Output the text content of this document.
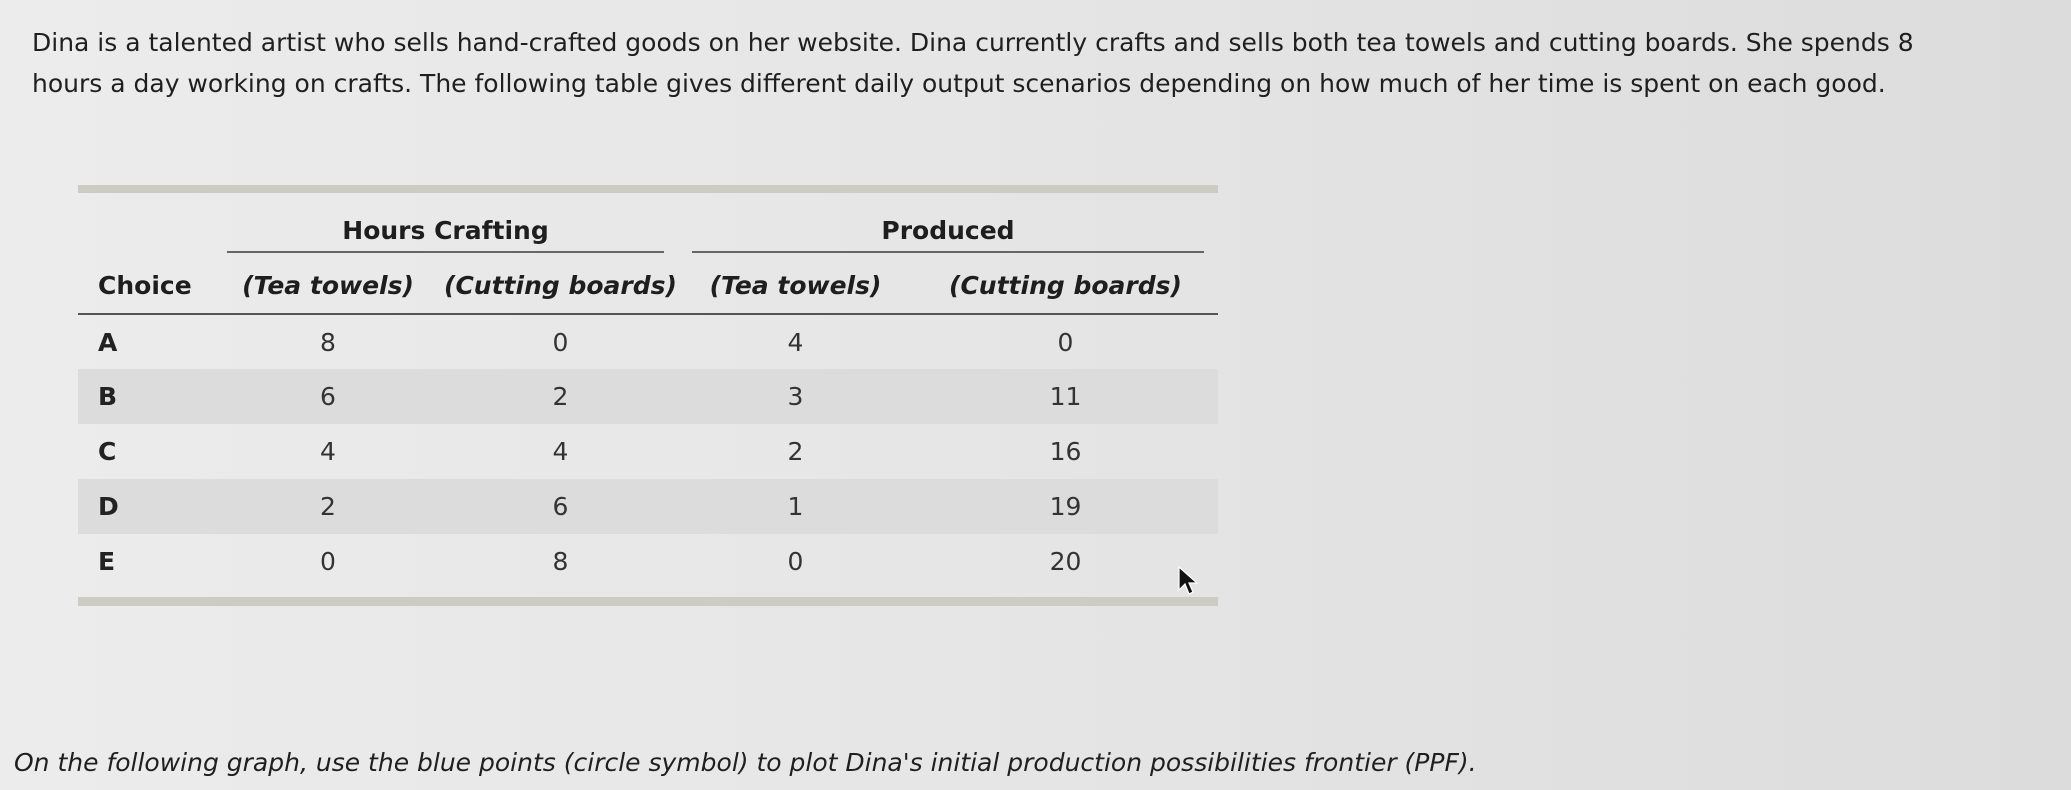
Dina is a talented artist who sells hand-crafted goods on her website. Dina currently crafts and sells both tea towels and cutting boards. She spends 8 hours a day working on crafts. The following table gives different daily output scenarios depending on how much of her time is spent on each good.

	Hours Crafting		Produced	

Choice	(Tea towels)	(Cutting boards)	(Tea towels)	(Cutting boards)
A	8	0	4	0
B	6	2	3	11
C	4	4	2	16
D	2	6	1	19
E	0	8	0	20

On the following graph, use the blue points (circle symbol) to plot Dina's initial production possibilities frontier (PPF).
